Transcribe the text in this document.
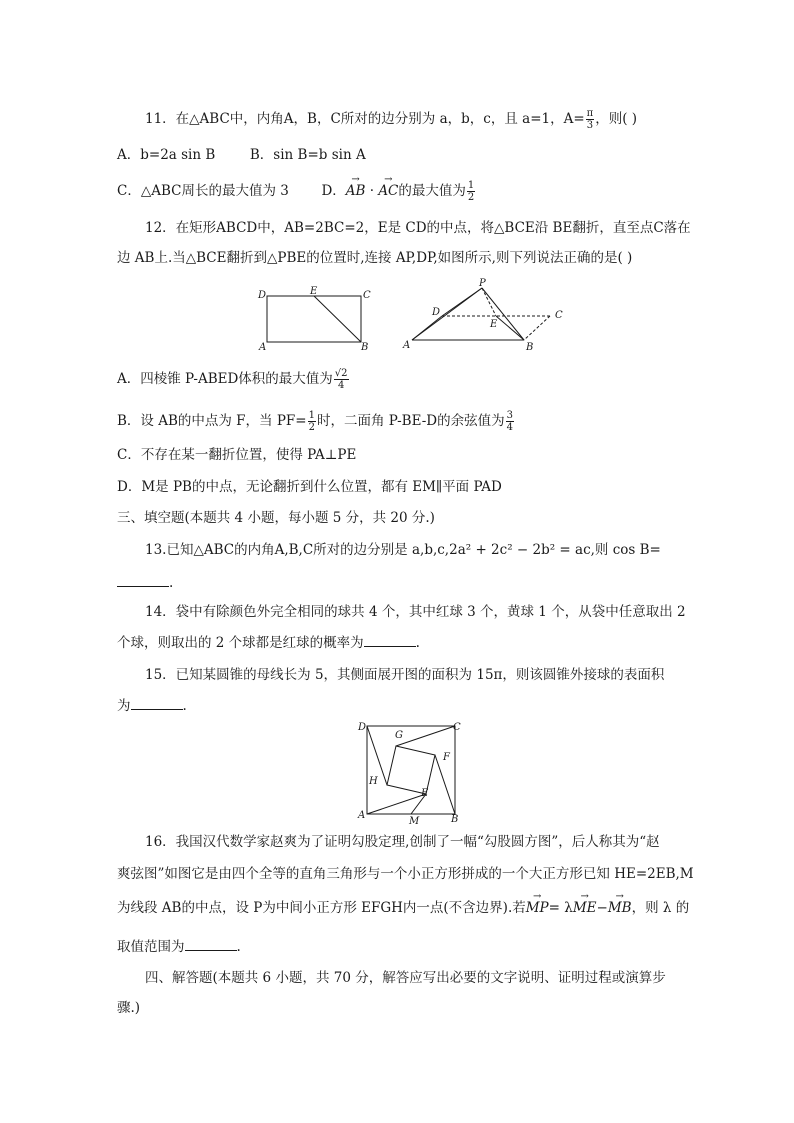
11．在△ABC中，内角A，B，C所对的边分别为 a，b，c，且 a=1，$A= \frac{\pi}{3}$ ，则( )
A．b=2a sin B	B．sin B=b sin A
C．△ABC周长的最大值为 3 D．→ AB · → AC的最大值为 $\frac{1}{2}$
12．在矩形ABCD中，AB=2BC=2，E是 CD的中点，将△BCE沿 BE翻折，直至点C落在
边 AB上.当△BCE翻折到△PBE的位置时,连接 AP,DP,如图所示,则下列说法正确的是( )
D	E	C
A	B
P
D
E
C
A	B
A．四棱锥 P-ABED体积的最大值为 $\frac{√2}{4}$
B．设 AB的中点为 F，当 $PF= \frac{1}{2}$ 时，二面角 P-BE-D的余弦值为 $\frac{3}{4}$
C．不存在某一翻折位置，使得 PA⊥PE
D．M是 PB的中点，无论翻折到什么位置，都有 EM∥平面 PAD
三、填空题(本题共 4 小题，每小题 5 分，共 20 分.)
13.已知△ABC的内角A,B,C所对的边分别是 a,b,c,2a² + 2c² − 2b² = ac,则 cos B=
.
14．袋中有除颜色外完全相同的球共 4 个，其中红球 3 个，黄球 1 个，从袋中任意取出 2
个球，则取出的 2 个球都是红球的概率为	.
15．已知某圆锥的母线长为 5，其侧面展开图的面积为 15π，则该圆锥外接球的表面积
为	.
D
G
C
F
H
E
A
M	B
16．我国汉代数学家赵爽为了证明勾股定理,创制了一幅“勾股圆方图”，后人称其为“赵
爽弦图”如图它是由四个全等的直角三角形与一个小正方形拼成的一个大正方形已知 HE=2EB,M
为线段 AB的中点，设 P为中间小正方形 EFGH内一点(不含边界).若→ MP= λ→ ME−→ MB，则 λ 的
取值范围为	.
四、解答题(本题共 6 小题，共 70 分，解答应写出必要的文字说明、证明过程或演算步
骤.)
